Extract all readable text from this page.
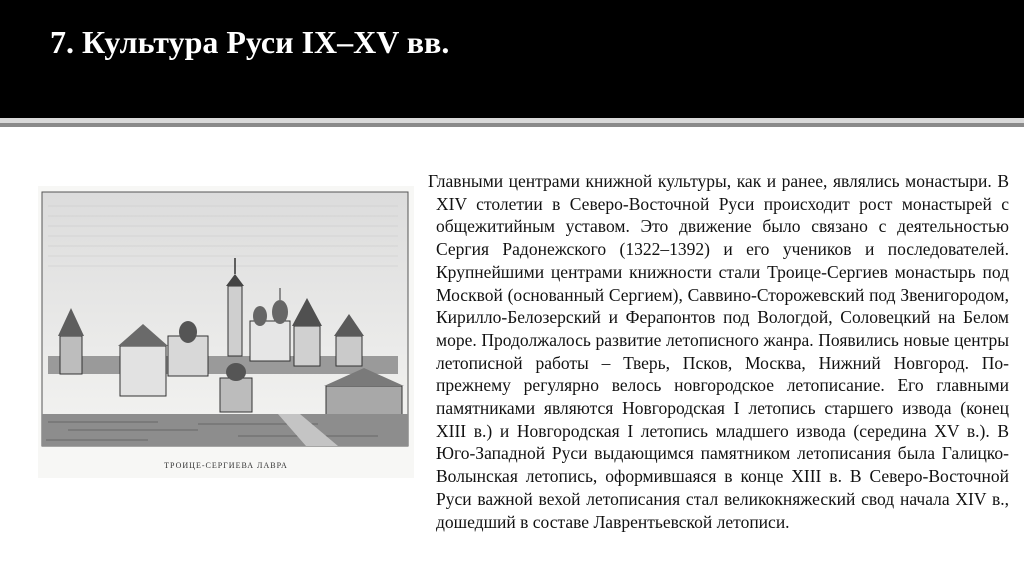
7. Культура Руси IX–XV вв.
ТРОИЦЕ-СЕРГИЕВА ЛАВРА
Главными центрами книжной культуры, как и ранее, являлись монастыри. В XIV столетии в Северо-Восточной Руси происходит рост монастырей с общежитийным уставом. Это движение было связано с деятельностью Сергия Радонежского (1322–1392) и его учеников и последователей. Крупнейшими центрами книжности стали Троице-Сергиев монастырь под Москвой (основанный Сергием), Саввино-Сторожевский под Звенигородом, Кирилло-Белозерский и Ферапонтов под Вологдой, Соловецкий на Белом море. Продолжалось развитие летописного жанра. Появились новые центры летописной работы – Тверь, Псков, Москва, Нижний Новгород. По-прежнему регулярно велось новгородское летописание. Его главными памятниками являются Новгородская I летопись старшего извода (конец XIII в.) и Новгородская I летопись младшего извода (середина XV в.). В Юго-Западной Руси выдающимся памятником летописания была Галицко-Волынская летопись, оформившаяся в конце XIII в. В Северо-Восточной Руси важной вехой летописания стал великокняжеский свод начала XIV в., дошедший в составе Лаврентьевской летописи.
